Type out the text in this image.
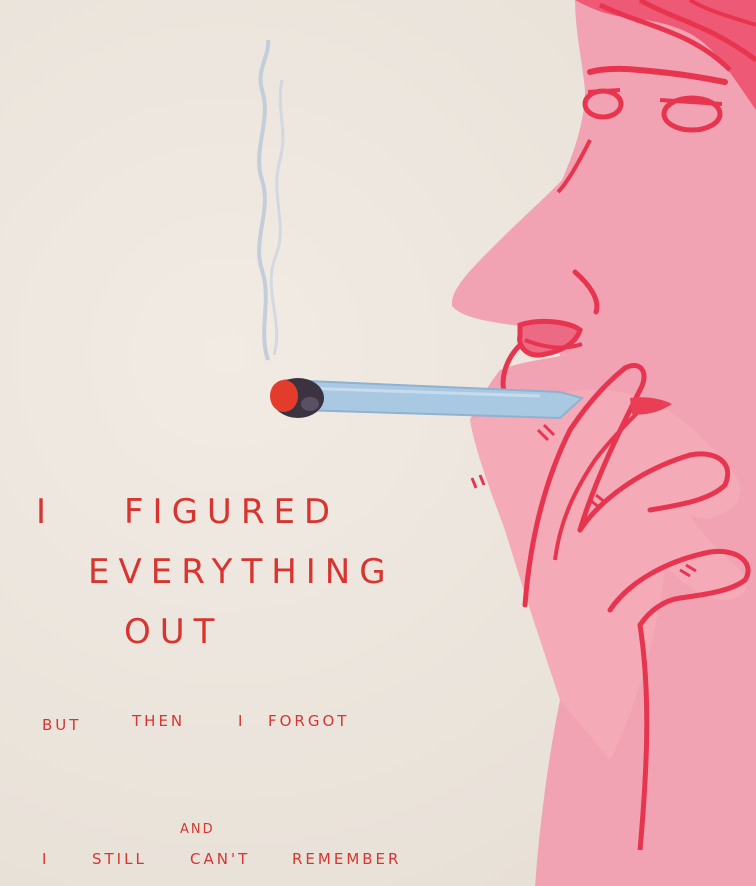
I FIGURED
EVERYTHING
OUT
BUT	THEN	I FORGOT
AND
I	STILL	CAN'T	REMEMBER
